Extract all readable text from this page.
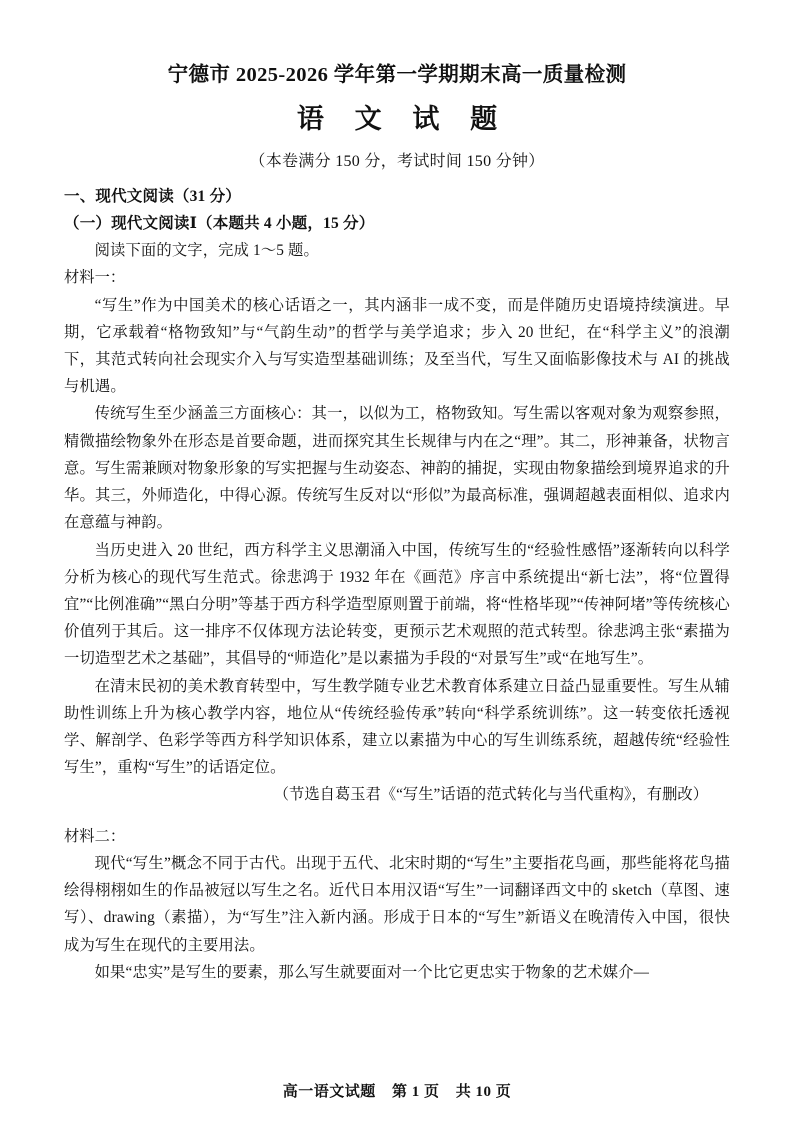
宁德市 2025-2026 学年第一学期期末高一质量检测
语 文 试 题
（本卷满分 150 分，考试时间 150 分钟）
一、现代文阅读（31 分）
（一）现代文阅读Ⅰ（本题共 4 小题，15 分）

阅读下面的文字，完成 1～5 题。

材料一：

“写生”作为中国美术的核心话语之一，其内涵非一成不变，而是伴随历史语境持续演进。早期，它承载着“格物致知”与“气韵生动”的哲学与美学追求；步入 20 世纪，在“科学主义”的浪潮下，其范式转向社会现实介入与写实造型基础训练；及至当代，写生又面临影像技术与 AI 的挑战与机遇。

传统写生至少涵盖三方面核心：其一，以似为工，格物致知。写生需以客观对象为观察参照，精微描绘物象外在形态是首要命题，进而探究其生长规律与内在之“理”。其二，形神兼备，状物言意。写生需兼顾对物象形象的写实把握与生动姿态、神韵的捕捉，实现由物象描绘到境界追求的升华。其三，外师造化，中得心源。传统写生反对以“形似”为最高标准，强调超越表面相似、追求内在意蕴与神韵。

当历史进入 20 世纪，西方科学主义思潮涌入中国，传统写生的“经验性感悟”逐渐转向以科学分析为核心的现代写生范式。徐悲鸿于 1932 年在《画范》序言中系统提出“新七法”，将“位置得宜”“比例准确”“黑白分明”等基于西方科学造型原则置于前端，将“性格毕现”“传神阿堵”等传统核心价值列于其后。这一排序不仅体现方法论转变，更预示艺术观照的范式转型。徐悲鸿主张“素描为一切造型艺术之基础”，其倡导的“师造化”是以素描为手段的“对景写生”或“在地写生”。

在清末民初的美术教育转型中，写生教学随专业艺术教育体系建立日益凸显重要性。写生从辅助性训练上升为核心教学内容，地位从“传统经验传承”转向“科学系统训练”。这一转变依托透视学、解剖学、色彩学等西方科学知识体系，建立以素描为中心的写生训练系统，超越传统“经验性写生”，重构“写生”的话语定位。

（节选自葛玉君《“写生”话语的范式转化与当代重构》，有删改）

材料二：

现代“写生”概念不同于古代。出现于五代、北宋时期的“写生”主要指花鸟画，那些能将花鸟描绘得栩栩如生的作品被冠以写生之名。近代日本用汉语“写生”一词翻译西文中的 sketch（草图、速写）、drawing（素描），为“写生”注入新内涵。形成于日本的“写生”新语义在晚清传入中国，很快成为写生在现代的主要用法。

如果“忠实”是写生的要素，那么写生就要面对一个比它更忠实于物象的艺术媒介—

高一语文试题 第 1 页 共 10 页
